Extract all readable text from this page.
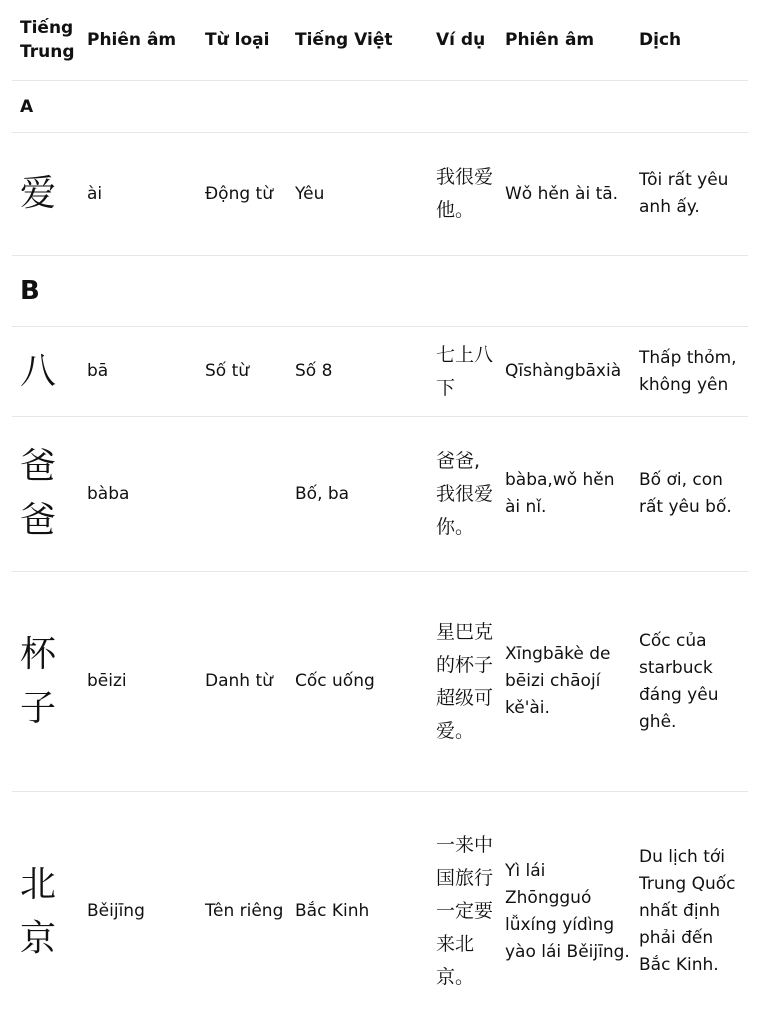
Tiếng Trung	Phiên âm	Từ loại	Tiếng Việt	Ví dụ	Phiên âm	Dịch
A						
爱	ài	Động từ	Yêu	我很爱他。	Wǒ hěn ài tā.	Tôi rất yêu anh ấy.
B						
八	bā	Số từ	Số 8	七上八下	Qīshàngbāxià	Thấp thỏm, không yên
爸爸	bàba		Bố, ba	爸爸,我很爱你。	bàba,wǒ hěn ài nǐ.	Bố ơi, con rất yêu bố.
杯子	bēizi	Danh từ	Cốc uống	星巴克的杯子超级可爱。	Xīngbākè de bēizi chāojí kě'ài.	Cốc của starbuck đáng yêu ghê.
北京	Běijīng	Tên riêng	Bắc Kinh	一来中国旅行一定要来北京。	Yì lái Zhōngguó lǚxíng yídìng yào lái Běijīng.	Du lịch tới Trung Quốc nhất định phải đến Bắc Kinh.
